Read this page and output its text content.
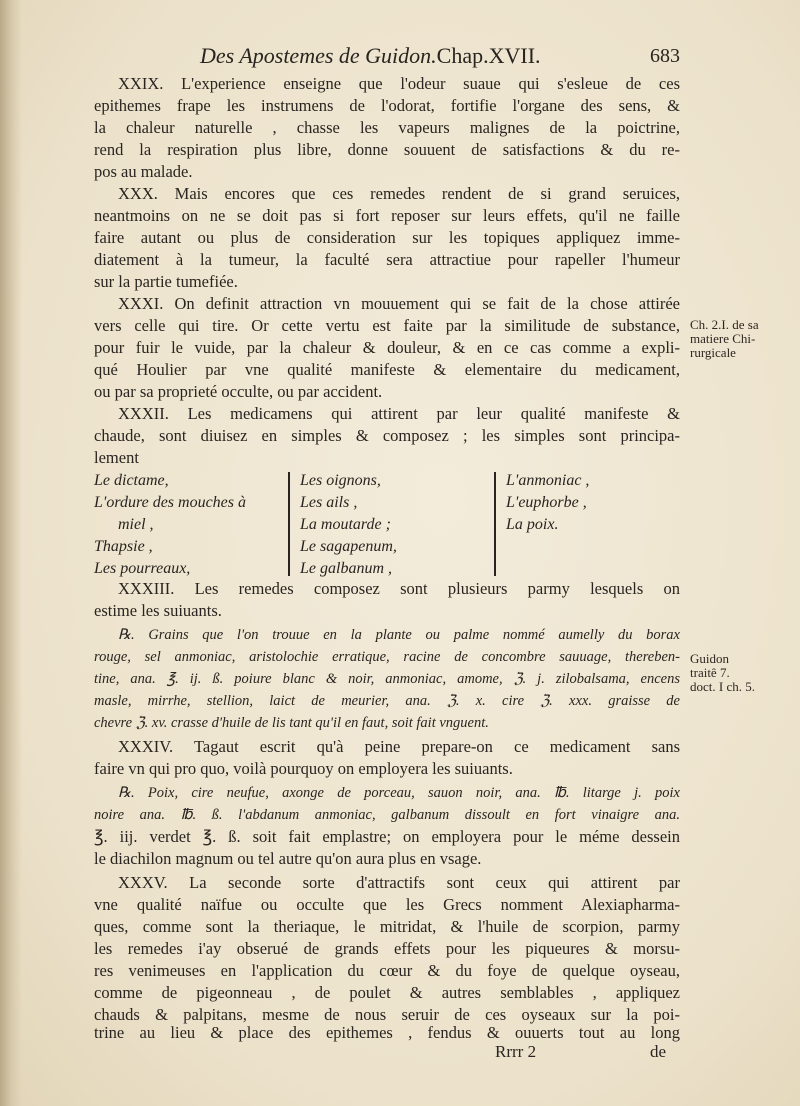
Des Apostemes de Guidon.Chap.XVII.	683
XXIX. L'experience enseigne que l'odeur suaue qui s'esleue de ces
epithemes frape les instrumens de l'odorat, fortifie l'organe des sens, &
la chaleur naturelle , chasse les vapeurs malignes de la poictrine,
rend la respiration plus libre, donne souuent de satisfactions & du re-
pos au malade.
XXX. Mais encores que ces remedes rendent de si grand seruices,
neantmoins on ne se doit pas si fort reposer sur leurs effets, qu'il ne faille
faire autant ou plus de consideration sur les topiques appliquez imme-
diatement à la tumeur, la faculté sera attractiue pour rapeller l'humeur
sur la partie tumefiée.
XXXI. On definit attraction vn mouuement qui se fait de la chose attirée
vers celle qui tire. Or cette vertu est faite par la similitude de substance,
pour fuir le vuide, par la chaleur & douleur, & en ce cas comme a expli-
qué Houlier par vne qualité manifeste & elementaire du medicament,
ou par sa proprieté occulte, ou par accident.
XXXII. Les medicamens qui attirent par leur qualité manifeste &
chaude, sont diuisez en simples & composez ; les simples sont principa-
lement
Ch. 2.I. de sa
matiere Chi-
rurgicale
Le dictame,
L'ordure des mouches à
miel ,
Thapsie ,
Les pourreaux,
Les oignons,
Les ails ,
La moutarde ;
Le sagapenum,
Le galbanum ,
L'anmoniac ,
L'euphorbe ,
La poix.
XXXIII. Les remedes composez sont plusieurs parmy lesquels on
estime les suiuants.
℞. Grains que l'on trouue en la plante ou palme nommé aumelly du borax
rouge, sel anmoniac, aristolochie erratique, racine de concombre sauuage, thereben-
tine, ana. ℥. ij. ß. poiure blanc & noir, anmoniac, amome, ℨ. j. zilobalsama, encens
masle, mirrhe, stellion, laict de meurier, ana. ℨ. x. cire ℨ. xxx. graisse de
chevre ℨ. xv. crasse d'huile de lis tant qu'il en faut, soit fait vnguent.
Guidon
traitê 7.
doct. I ch. 5.
XXXIV. Tagaut escrit qu'à peine prepare-on ce medicament sans
faire vn qui pro quo, voilà pourquoy on employera les suiuants.
℞. Poix, cire neufue, axonge de porceau, sauon noir, ana. ℔. litarge j. poix
noire ana. ℔. ß. l'abdanum anmoniac, galbanum dissoult en fort vinaigre ana.
℥. iij. verdet ℥. ß. soit fait emplastre; on employera pour le méme dessein
le diachilon magnum ou tel autre qu'on aura plus en vsage.
XXXV. La seconde sorte d'attractifs sont ceux qui attirent par
vne qualité naïfue ou occulte que les Grecs nomment Alexiapharma-
ques, comme sont la theriaque, le mitridat, & l'huile de scorpion, parmy
les remedes i'ay obserué de grands effets pour les piqueures & morsu-
res venimeuses en l'application du cœur & du foye de quelque oyseau,
comme de pigeonneau , de poulet & autres semblables , appliquez
chauds & palpitans, mesme de nous seruir de ces oyseaux sur la poi-
trine au lieu & place des epithemes , fendus & ouuerts tout au long
Rrrr 2	de
